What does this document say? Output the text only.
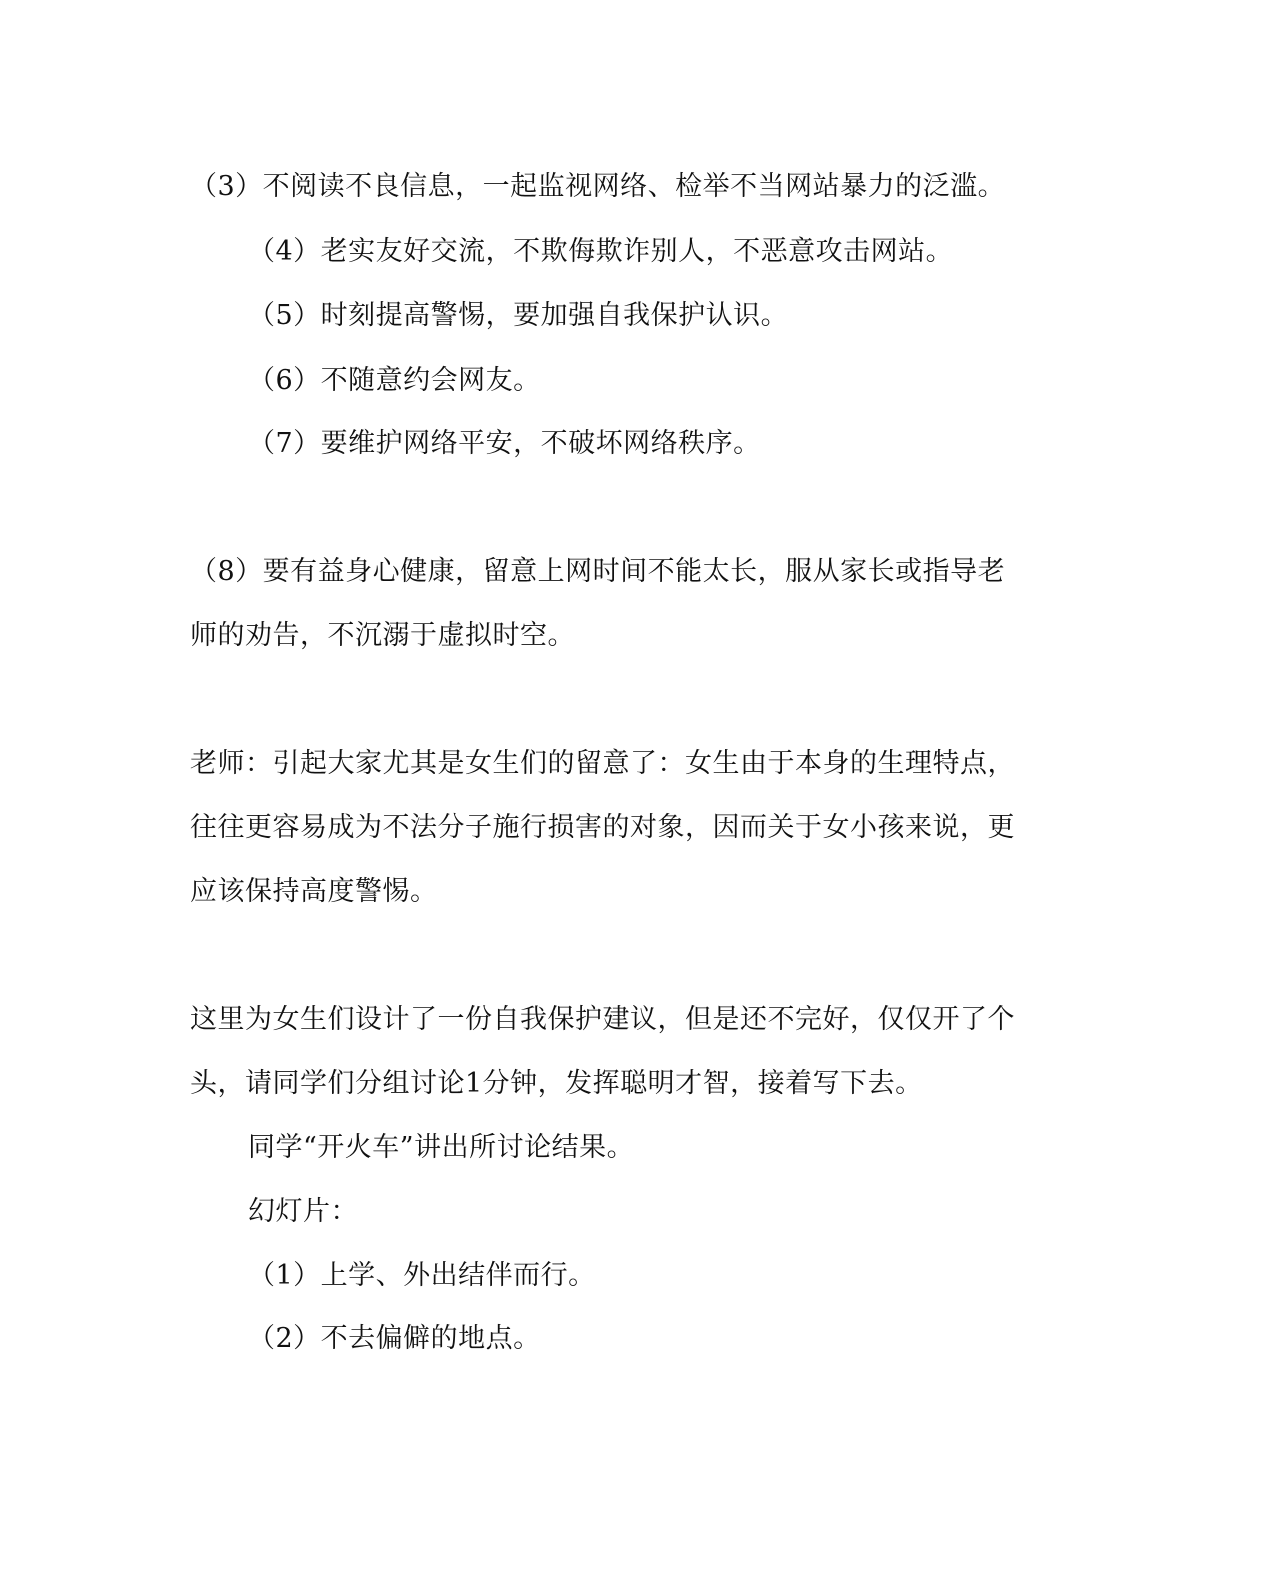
（3）不阅读不良信息，一起监视网络、检举不当网站暴力的泛滥。
（4）老实友好交流，不欺侮欺诈别人，不恶意攻击网站。
（5）时刻提高警惕，要加强自我保护认识。
（6）不随意约会网友。
（7）要维护网络平安，不破坏网络秩序。
（8）要有益身心健康，留意上网时间不能太长，服从家长或指导老
师的劝告，不沉溺于虚拟时空。
老师：引起大家尤其是女生们的留意了：女生由于本身的生理特点，
往往更容易成为不法分子施行损害的对象，因而关于女小孩来说，更
应该保持高度警惕。
这里为女生们设计了一份自我保护建议，但是还不完好，仅仅开了个
头，请同学们分组讨论1分钟，发挥聪明才智，接着写下去。
同学“开火车”讲出所讨论结果。
幻灯片：
（1）上学、外出结伴而行。
（2）不去偏僻的地点。
